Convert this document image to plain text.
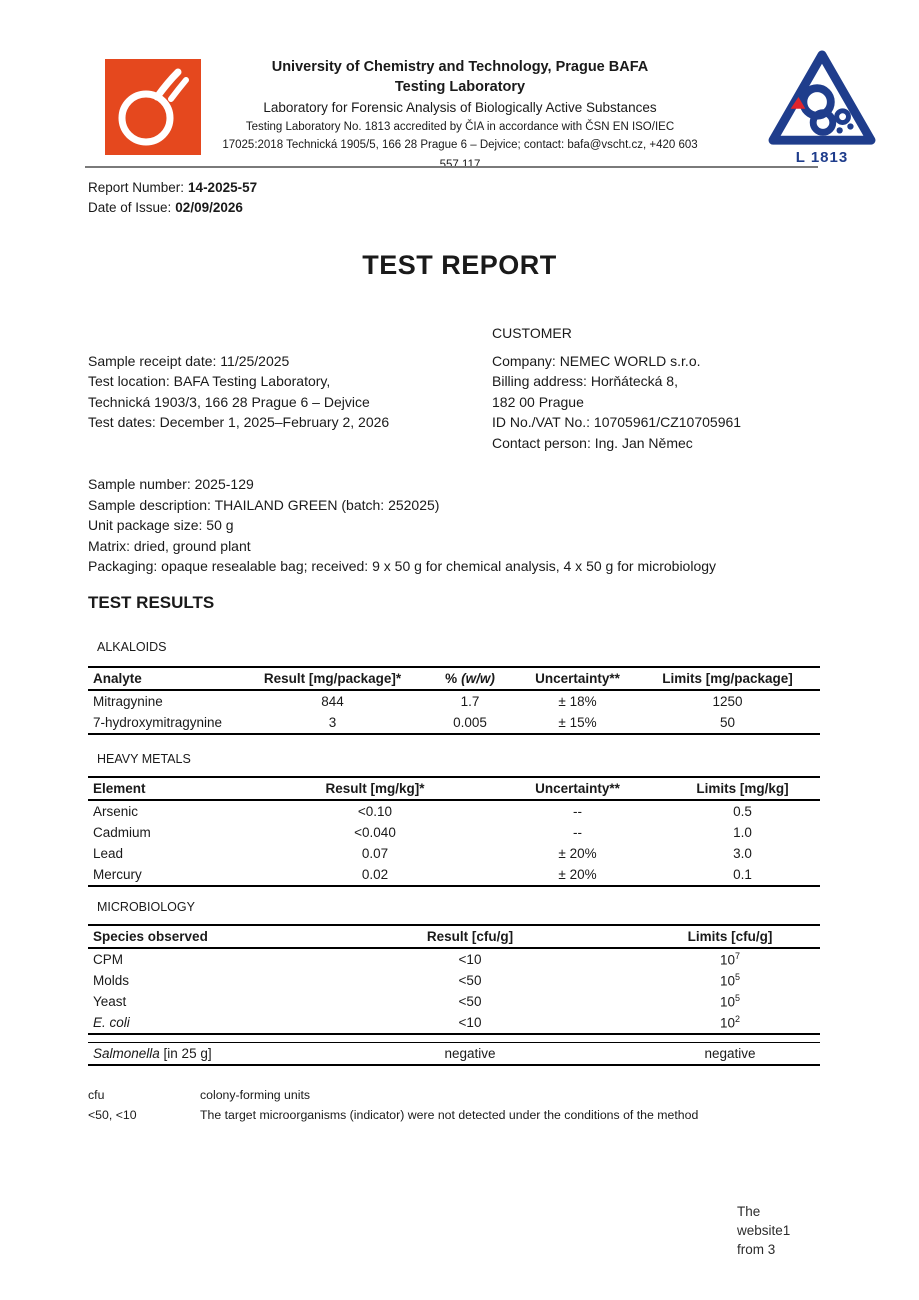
University of Chemistry and Technology, Prague BAFA
Testing Laboratory
Laboratory for Forensic Analysis of Biologically Active Substances
Testing Laboratory No. 1813 accredited by ČIA in accordance with ČSN EN ISO/IEC
17025:2018 Technická 1905/5, 166 28 Prague 6 – Dejvice; contact: bafa@vscht.cz, +420 603
557 117	L 1813
Report Number: 14-2025-57
Date of Issue: 02/09/2026
TEST REPORT
CUSTOMER
Sample receipt date: 11/25/2025
Test location: BAFA Testing Laboratory,
Technická 1903/3, 166 28 Prague 6 – Dejvice
Test dates: December 1, 2025–February 2, 2026
Company: NEMEC WORLD s.r.o.
Billing address: Horňátecká 8,
182 00 Prague
ID No./VAT No.: 10705961/CZ10705961
Contact person: Ing. Jan Němec
Sample number: 2025-129
Sample description: THAILAND GREEN (batch: 252025)
Unit package size: 50 g
Matrix: dried, ground plant
Packaging: opaque resealable bag; received: 9 x 50 g for chemical analysis, 4 x 50 g for microbiology
TEST RESULTS
ALKALOIDS
Analyte	Result [mg/package]*	% (w/w)	Uncertainty**	Limits [mg/package]
Mitragynine	844	1.7	± 18%	1250
7-hydroxymitragynine	3	0.005	± 15%	50
HEAVY METALS
Element	Result [mg/kg]*	Uncertainty**	Limits [mg/kg]
Arsenic	<0.10	--	0.5
Cadmium	<0.040	--	1.0
Lead	0.07	± 20%	3.0
Mercury	0.02	± 20%	0.1
MICROBIOLOGY
Species observed	Result [cfu/g]	Limits [cfu/g]
CPM	<10	$10^7$
Molds	<50	$10^5$
Yeast	<50	$10^5$
E. coli	<10	$10^2$
Salmonella [in 25 g]	negative	negative
cfu	colony-forming units
<50, <10	The target microorganisms (indicator) were not detected under the conditions of the method
The
website1
from 3
